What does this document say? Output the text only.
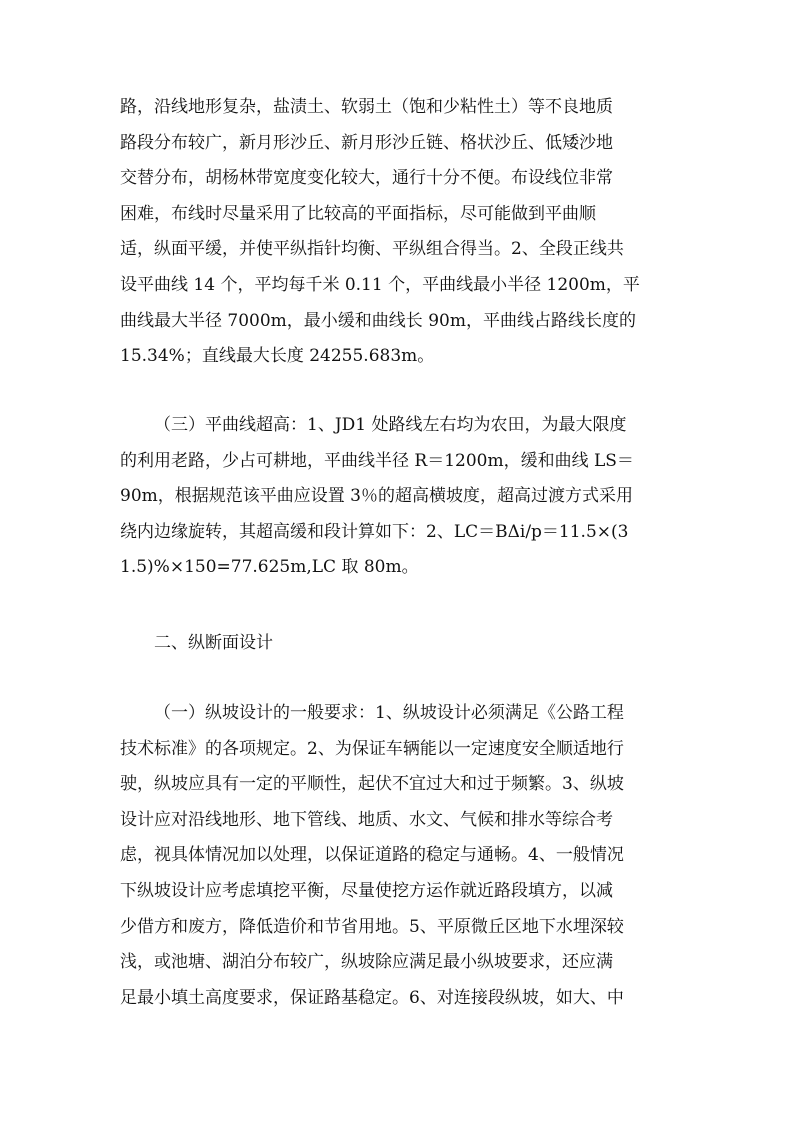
路，沿线地形复杂，盐渍土、软弱土（饱和少粘性土）等不良地质
路段分布较广，新月形沙丘、新月形沙丘链、格状沙丘、低矮沙地
交替分布，胡杨林带宽度变化较大，通行十分不便。布设线位非常
困难，布线时尽量采用了比较高的平面指标，尽可能做到平曲顺
适，纵面平缓，并使平纵指针均衡、平纵组合得当。2、全段正线共
设平曲线 14 个，平均每千米 0.11 个，平曲线最小半径 1200m，平
曲线最大半径 7000m，最小缓和曲线长 90m，平曲线占路线长度的
15.34%；直线最大长度 24255.683m。
（三）平曲线超高：1、JD1 处路线左右均为农田，为最大限度
的利用老路，少占可耕地，平曲线半径 R＝1200m，缓和曲线 LS＝
90m，根据规范该平曲应设置 3％的超高横坡度，超高过渡方式采用
绕内边缘旋转，其超高缓和段计算如下：2、LC＝BΔi/p＝11.5×(3
1.5)%×150=77.625m,LC 取 80m。
二、纵断面设计
（一）纵坡设计的一般要求：1、纵坡设计必须满足《公路工程
技术标准》的各项规定。2、为保证车辆能以一定速度安全顺适地行
驶，纵坡应具有一定的平顺性，起伏不宜过大和过于频繁。3、纵坡
设计应对沿线地形、地下管线、地质、水文、气候和排水等综合考
虑，视具体情况加以处理，以保证道路的稳定与通畅。4、一般情况
下纵坡设计应考虑填挖平衡，尽量使挖方运作就近路段填方，以减
少借方和废方，降低造价和节省用地。5、平原微丘区地下水埋深较
浅，或池塘、湖泊分布较广，纵坡除应满足最小纵坡要求，还应满
足最小填土高度要求，保证路基稳定。6、对连接段纵坡，如大、中
